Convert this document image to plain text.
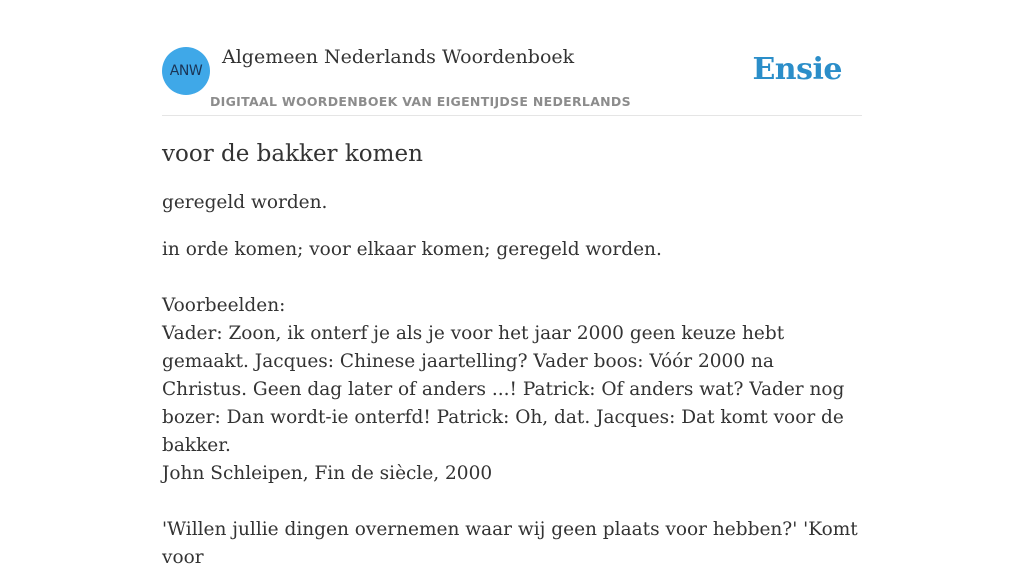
ANW
Algemeen Nederlands Woordenboek
DIGITAAL WOORDENBOEK VAN EIGENTIJDSE NEDERLANDS
Ensie
voor de bakker komen

geregeld worden.

in orde komen; voor elkaar komen; geregeld worden.

Voorbeelden:
Vader: Zoon, ik onterf je als je voor het jaar 2000 geen keuze hebt gemaakt. Jacques: Chinese jaartelling? Vader boos: Vóór 2000 na Christus. Geen dag later of anders ...! Patrick: Of anders wat? Vader nog bozer: Dan wordt-ie onterfd! Patrick: Oh, dat. Jacques: Dat komt voor de bakker.
John Schleipen, Fin de siècle, 2000

'Willen jullie dingen overnemen waar wij geen plaats voor hebben?' 'Komt voor
